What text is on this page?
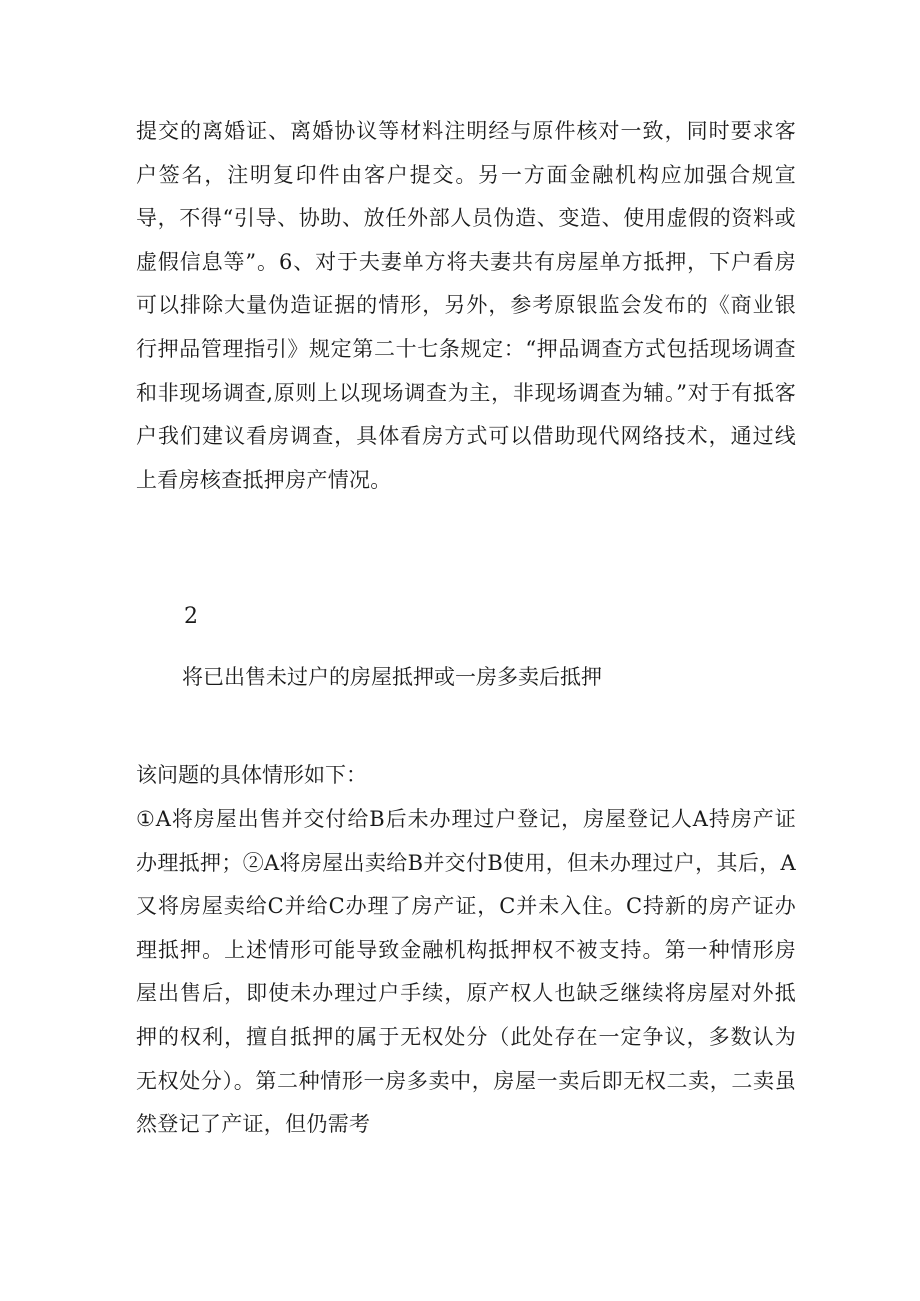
提交的离婚证、离婚协议等材料注明经与原件核对一致，同时要求客户签名，注明复印件由客户提交。另一方面金融机构应加强合规宣导，不得“引导、协助、放任外部人员伪造、变造、使用虚假的资料或虚假信息等”。6、对于夫妻单方将夫妻共有房屋单方抵押，下户看房可以排除大量伪造证据的情形，另外，参考原银监会发布的《商业银行押品管理指引》规定第二十七条规定：“押品调查方式包括现场调查和非现场调查,原则上以现场调查为主，非现场调查为辅。”对于有抵客户我们建议看房调查，具体看房方式可以借助现代网络技术，通过线上看房核查抵押房产情况。

2

将已出售未过户的房屋抵押或一房多卖后抵押

该问题的具体情形如下：

①A将房屋出售并交付给B后未办理过户登记，房屋登记人A持房产证办理抵押；②A将房屋出卖给B并交付B使用，但未办理过户，其后，A又将房屋卖给C并给C办理了房产证，C并未入住。C持新的房产证办理抵押。上述情形可能导致金融机构抵押权不被支持。第一种情形房屋出售后，即使未办理过户手续，原产权人也缺乏继续将房屋对外抵押的权利，擅自抵押的属于无权处分（此处存在一定争议，多数认为无权处分）。第二种情形一房多卖中，房屋一卖后即无权二卖，二卖虽然登记了产证，但仍需考
